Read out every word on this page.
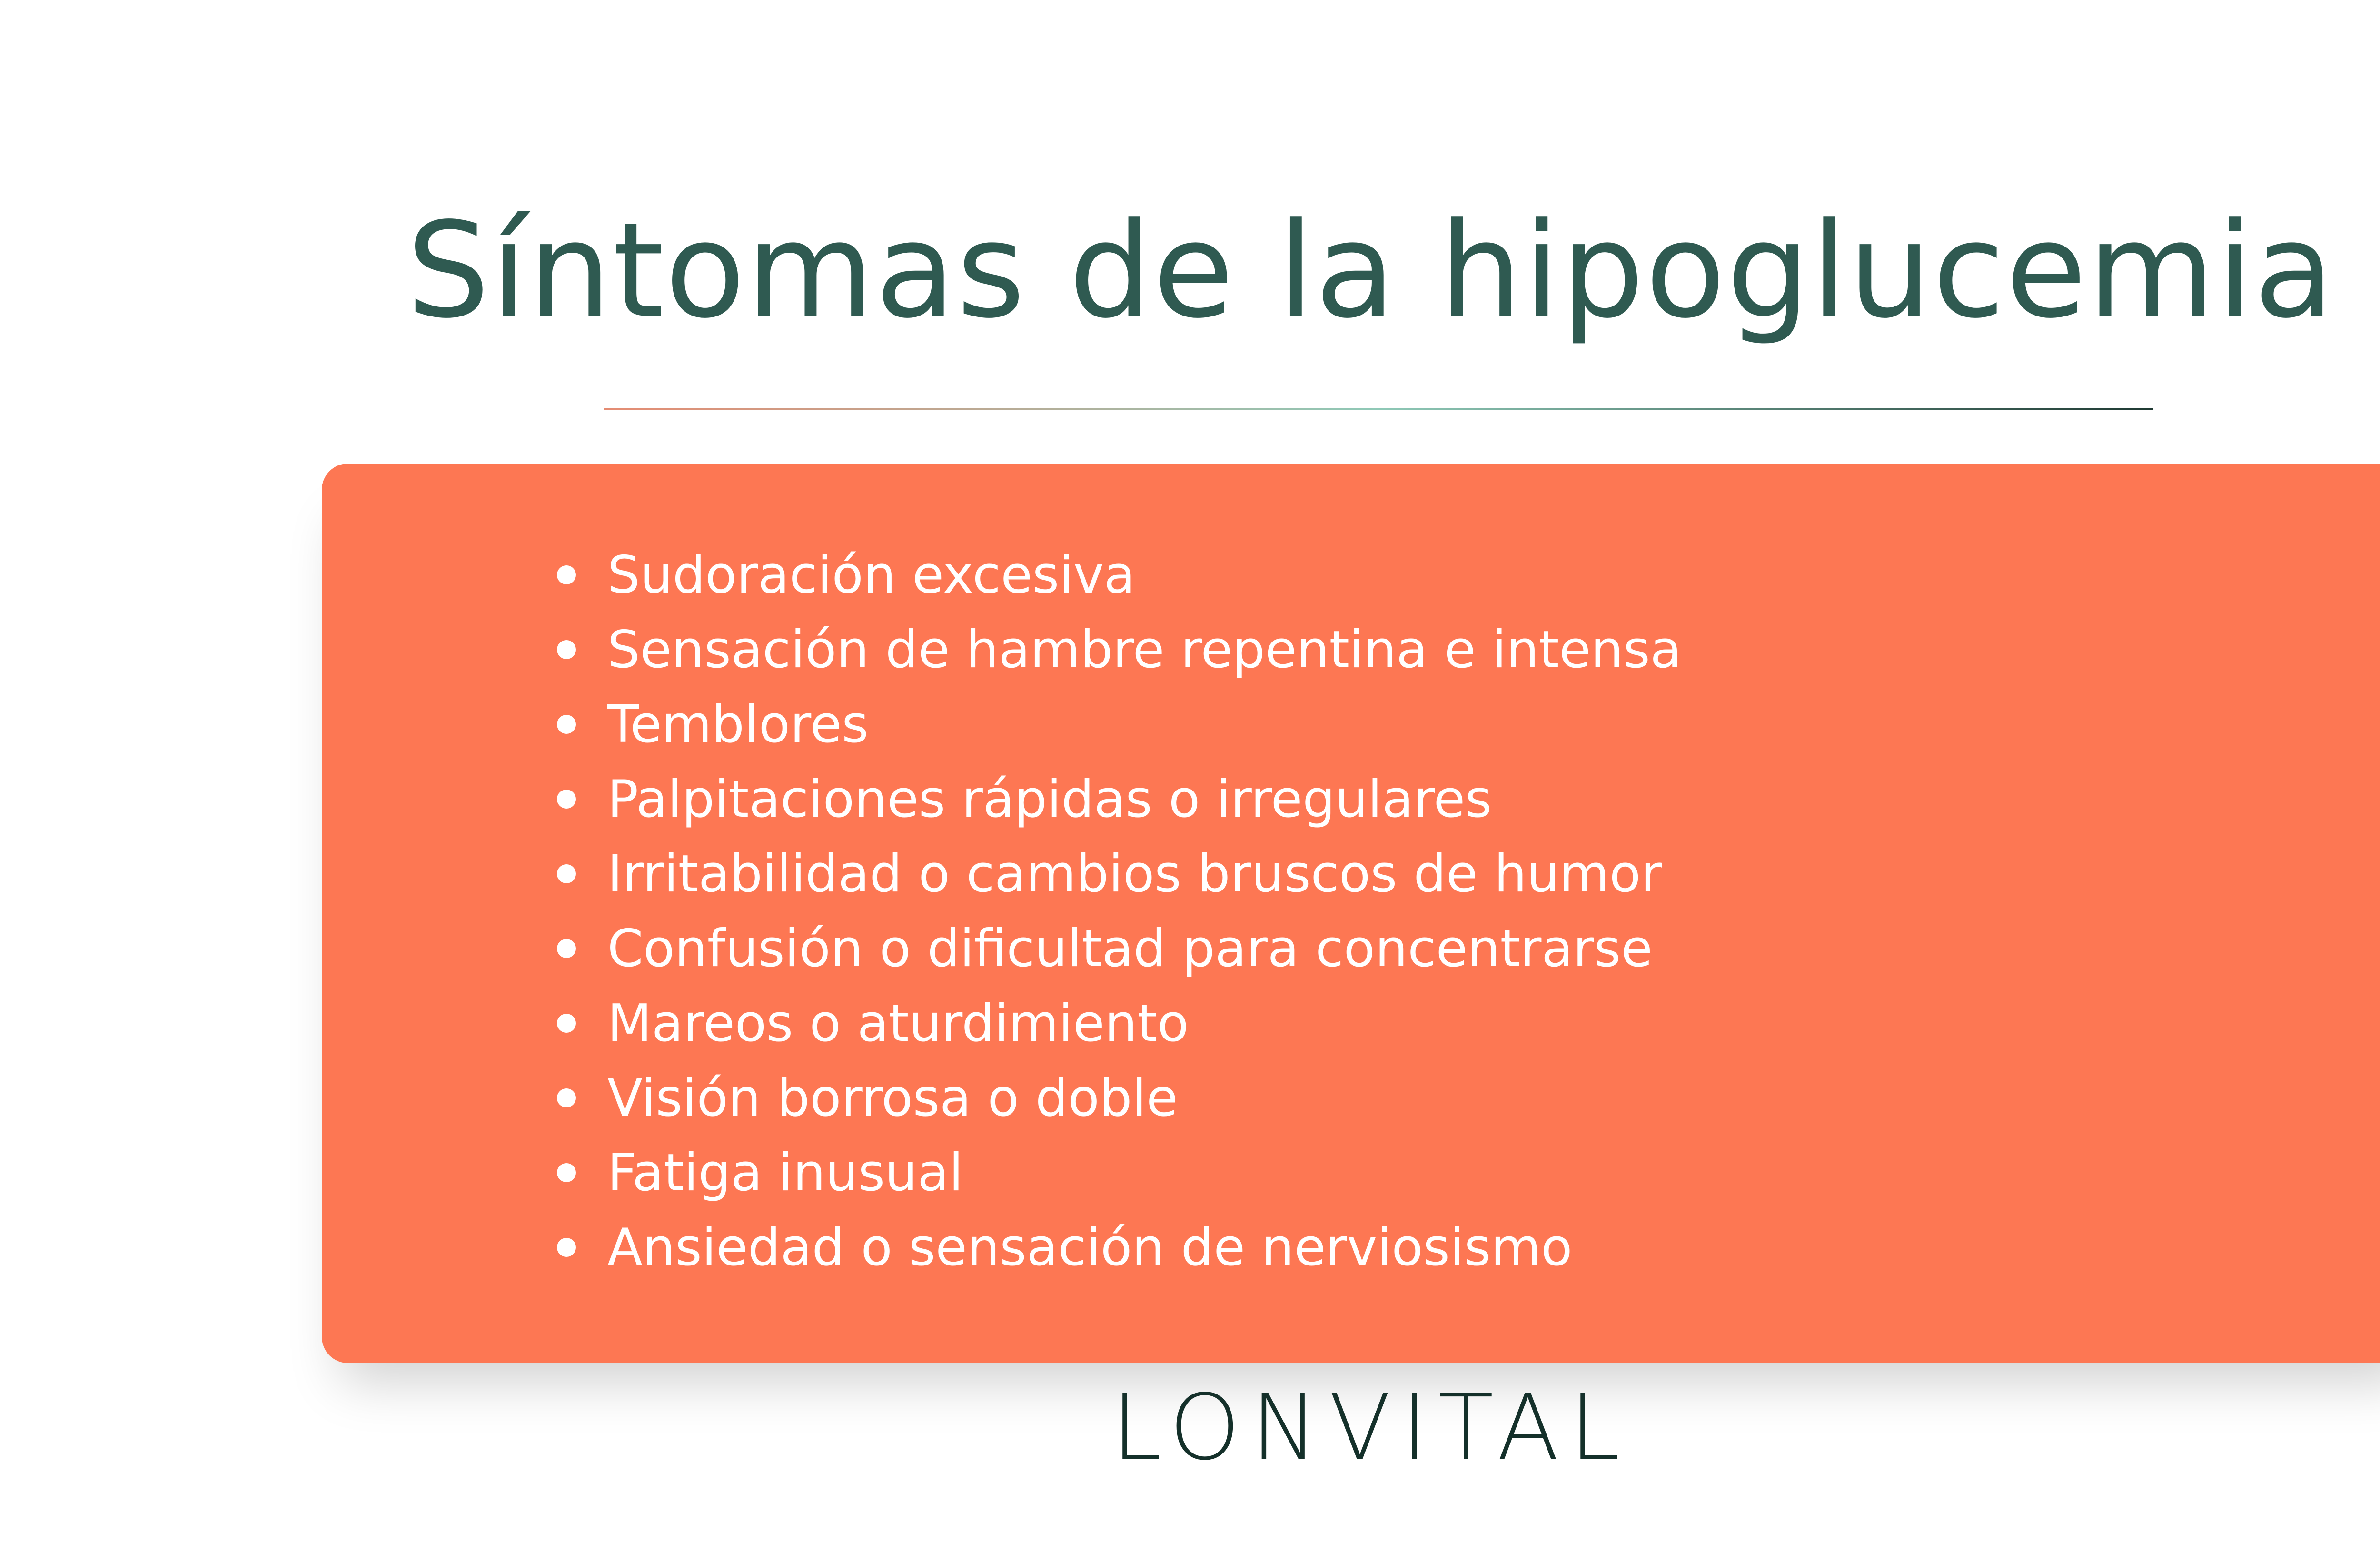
Síntomas de la hipoglucemia
Sudoración excesiva
Sensación de hambre repentina e intensa
Temblores
Palpitaciones rápidas o irregulares
Irritabilidad o cambios bruscos de humor
Confusión o dificultad para concentrarse
Mareos o aturdimiento
Visión borrosa o doble
Fatiga inusual
Ansiedad o sensación de nerviosismo
LONVITAL
